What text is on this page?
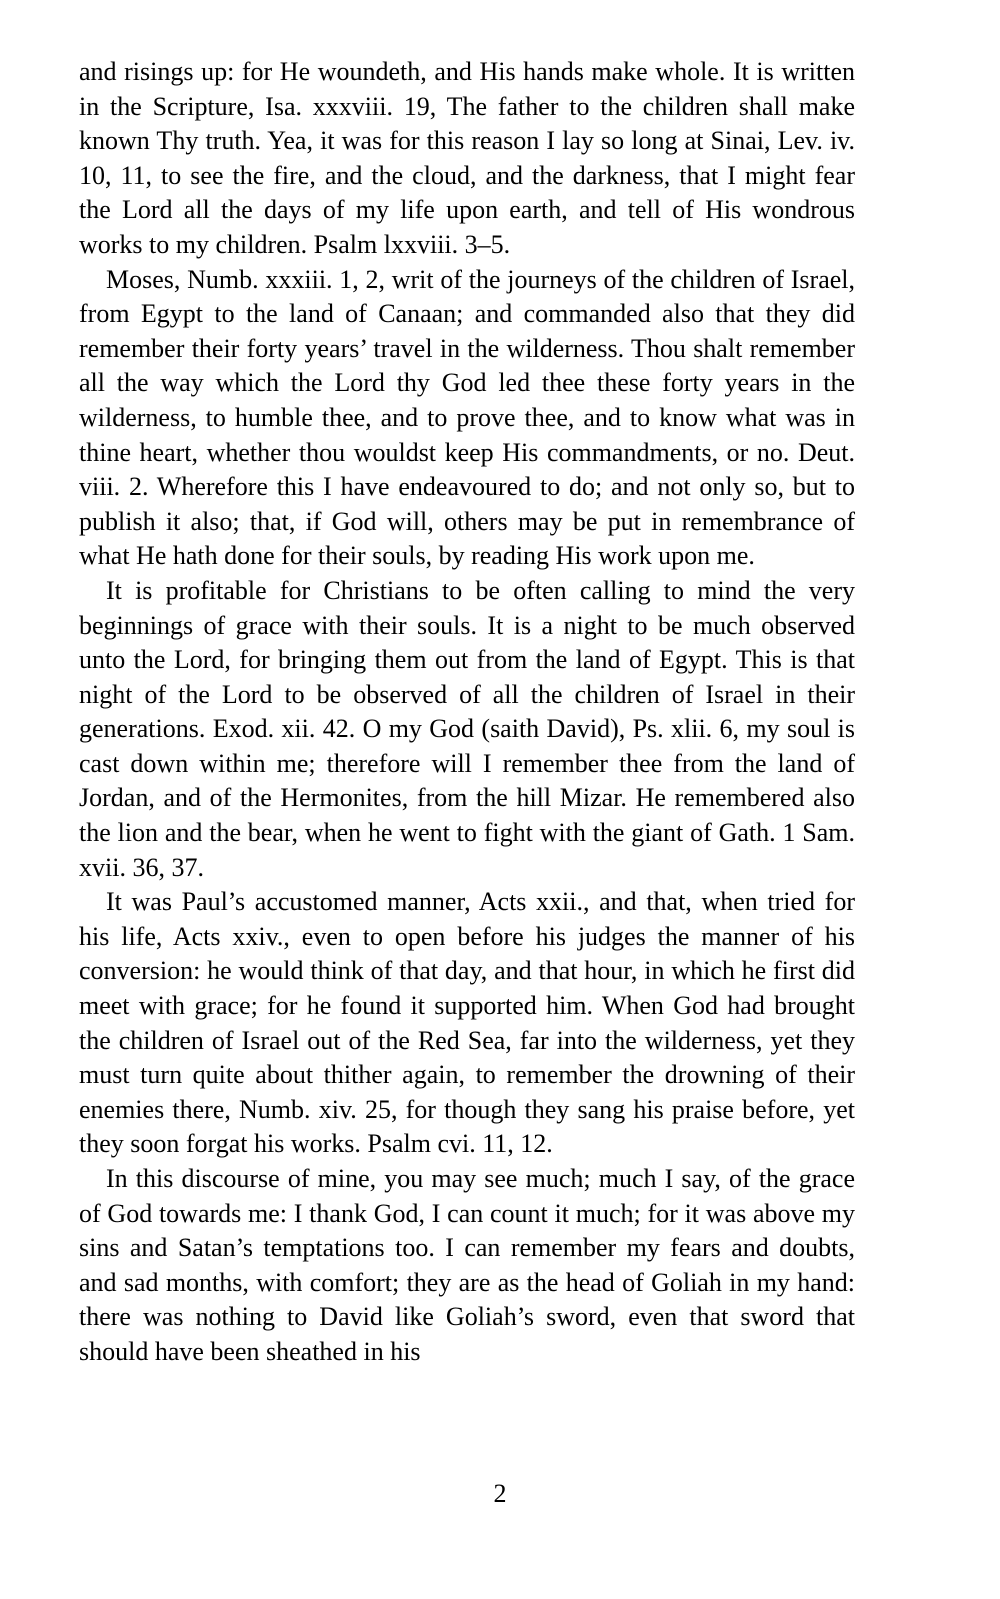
and risings up: for He woundeth, and His hands make whole. It is written in the Scripture, Isa. xxxviii. 19, The father to the children shall make known Thy truth. Yea, it was for this reason I lay so long at Sinai, Lev. iv. 10, 11, to see the fire, and the cloud, and the darkness, that I might fear the Lord all the days of my life upon earth, and tell of His wondrous works to my children. Psalm lxxviii. 3–5.

Moses, Numb. xxxiii. 1, 2, writ of the journeys of the children of Israel, from Egypt to the land of Canaan; and commanded also that they did remember their forty years’ travel in the wilderness. Thou shalt remember all the way which the Lord thy God led thee these forty years in the wilderness, to humble thee, and to prove thee, and to know what was in thine heart, whether thou wouldst keep His commandments, or no. Deut. viii. 2. Wherefore this I have endeavoured to do; and not only so, but to publish it also; that, if God will, others may be put in remembrance of what He hath done for their souls, by reading His work upon me.

It is profitable for Christians to be often calling to mind the very beginnings of grace with their souls. It is a night to be much observed unto the Lord, for bringing them out from the land of Egypt. This is that night of the Lord to be observed of all the children of Israel in their generations. Exod. xii. 42. O my God (saith David), Ps. xlii. 6, my soul is cast down within me; therefore will I remember thee from the land of Jordan, and of the Hermonites, from the hill Mizar. He remembered also the lion and the bear, when he went to fight with the giant of Gath. 1 Sam. xvii. 36, 37.

It was Paul’s accustomed manner, Acts xxii., and that, when tried for his life, Acts xxiv., even to open before his judges the manner of his conversion: he would think of that day, and that hour, in which he first did meet with grace; for he found it supported him. When God had brought the children of Israel out of the Red Sea, far into the wilderness, yet they must turn quite about thither again, to remember the drowning of their enemies there, Numb. xiv. 25, for though they sang his praise before, yet they soon forgat his works. Psalm cvi. 11, 12.

In this discourse of mine, you may see much; much I say, of the grace of God towards me: I thank God, I can count it much; for it was above my sins and Satan’s temptations too. I can remember my fears and doubts, and sad months, with comfort; they are as the head of Goliah in my hand: there was nothing to David like Goliah’s sword, even that sword that should have been sheathed in his

2
